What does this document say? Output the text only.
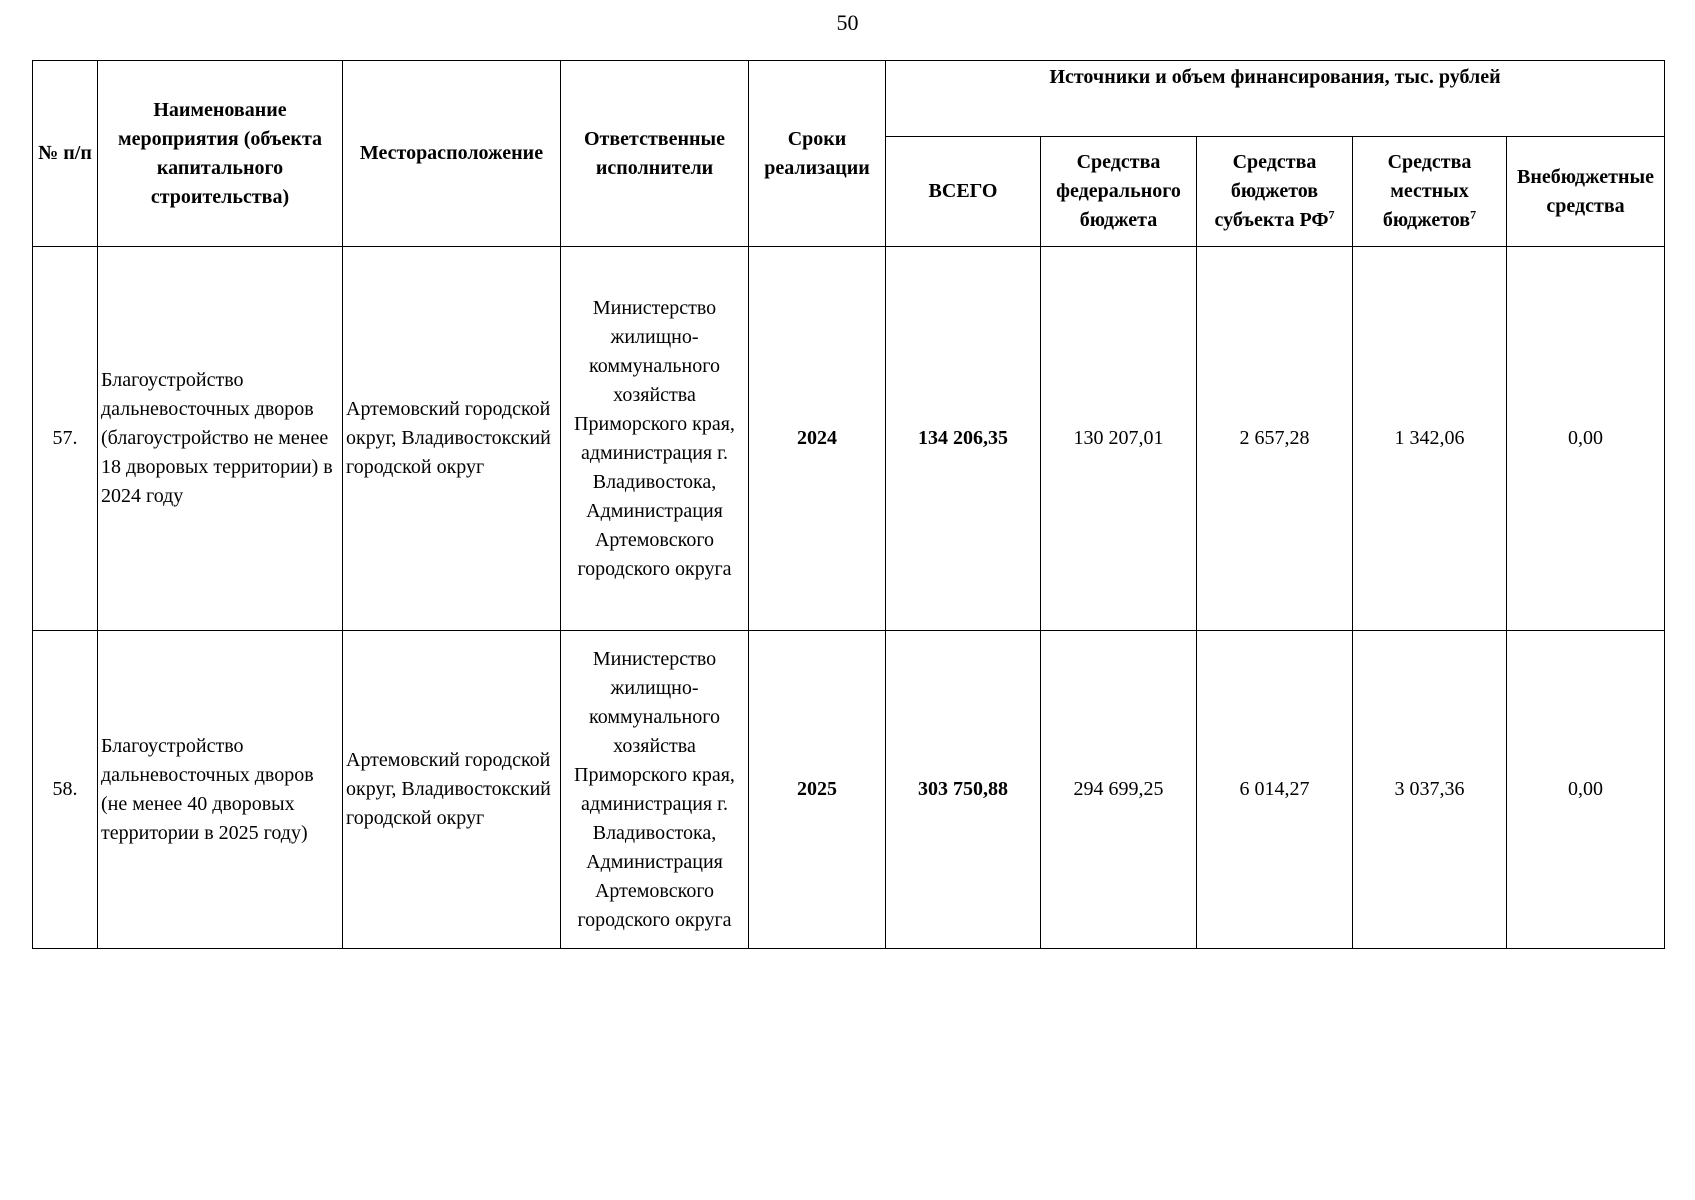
50
№ п/п	Наименование мероприятия (объекта капитального строительства)	Месторасположение	Ответственные исполнители	Сроки реализации	Источники и объем финансирования, тыс. рублей				
					ВСЕГО	Средства федерального бюджета	Средства бюджетов субъекта $РФ^7$	Средства местных бюджетов$^7$	Внебюджетные средства
57.	Благоустройство дальневосточных дворов (благоустройство не менее 18 дворовых территории) в 2024 году	Артемовский городской округ, Владивостокский городской округ	Министерство жилищно-коммунального хозяйства Приморского края, администрация г. Владивостока, Администрация Артемовского городского округа	2024	134 206,35	130 207,01	2 657,28	1 342,06	0,00
58.	Благоустройство дальневосточных дворов (не менее 40 дворовых территории в 2025 году)	Артемовский городской округ, Владивостокский городской округ	Министерство жилищно-коммунального хозяйства Приморского края, администрация г. Владивостока, Администрация Артемовского городского округа	2025	303 750,88	294 699,25	6 014,27	3 037,36	0,00
